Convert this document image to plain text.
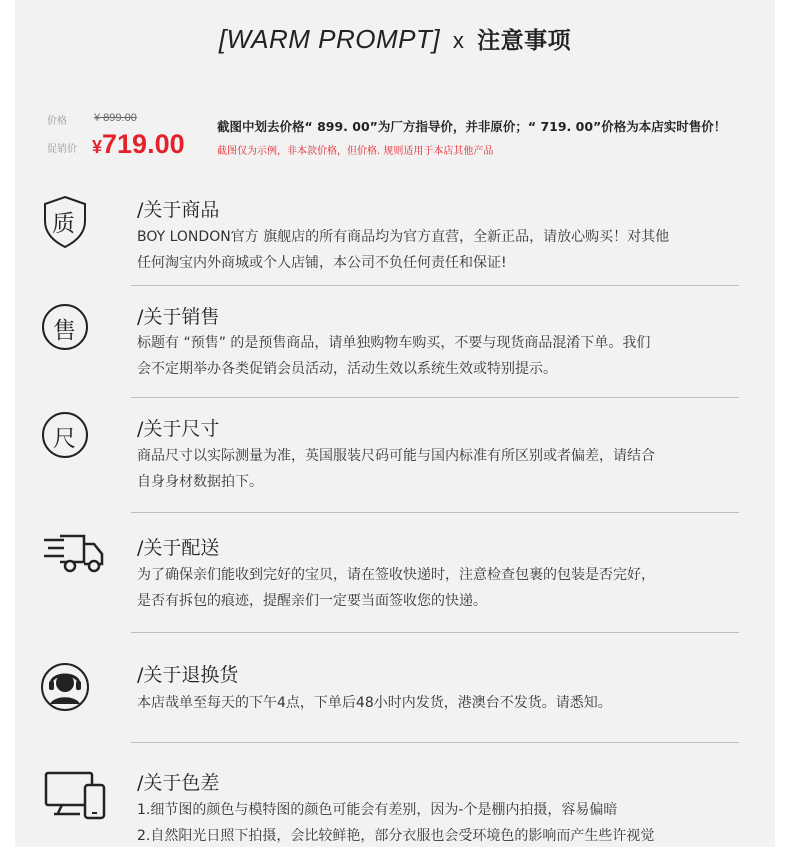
[WARM PROMPT] x 注意事项
价格 ¥ 899.00
促销价 ¥719.00
截图中划去价格“ 899. 00”为厂方指导价，并非原价；“ 719. 00”价格为本店实时售价！
截图仅为示例，非本款价格，但价格. 规则适用于本店其他产品
质
/关于商品
BOY LONDON官方 旗舰店的所有商品均为官方直营，全新正品，请放心购买！对其他
任何淘宝内外商城或个人店铺，本公司不负任何责任和保证!
售
/关于销售
标题有 “预售” 的是预售商品，请单独购物车购买，不要与现货商品混淆下单。我们
会不定期举办各类促销会员活动，活动生效以系统生效或特别提示。
尺	/关于尺寸
商品尺寸以实际测量为准，英国服装尺码可能与国内标准有所区别或者偏差，请结合
自身身材数据拍下。
/关于配送
为了确保亲们能收到完好的宝贝，请在签收快递时，注意检查包裹的包装是否完好，
是否有拆包的痕迹，提醒亲们一定要当面签收您的快递。
/关于退换货
本店哉单至每天的下午4点，下单后48小时内发货，港澳台不发货。请悉知。
/关于色差
1.细节图的颜色与模特图的颜色可能会有差别，因为-个是棚内拍摄，容易偏暗
2.自然阳光日照下拍摄，会比较鲜艳，部分衣服也会受环境色的影响而产生些许视觉
